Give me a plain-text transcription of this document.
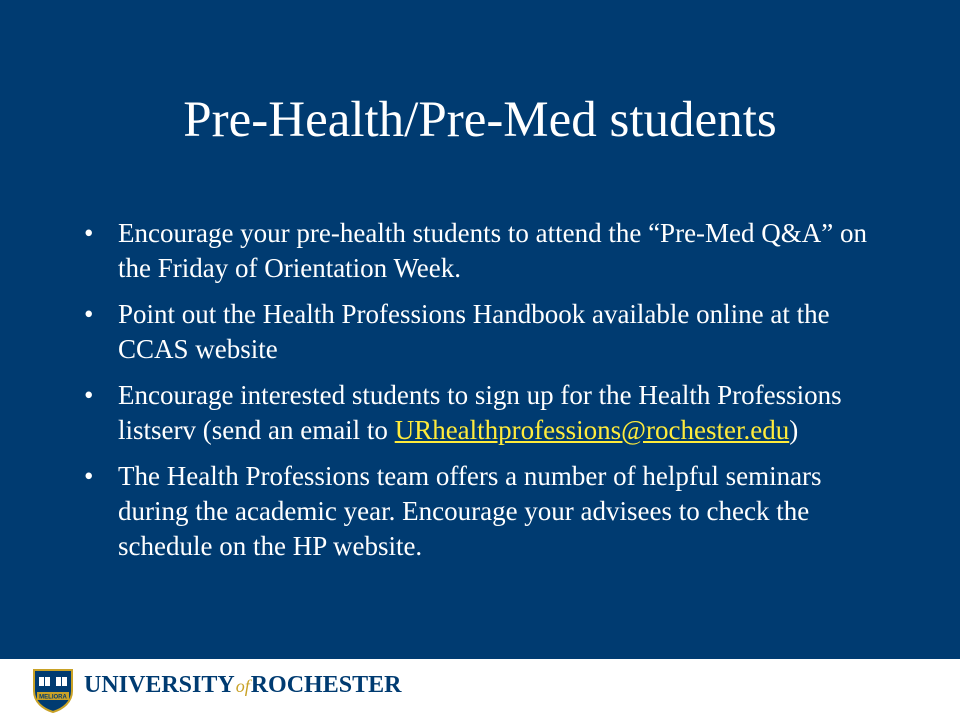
Pre-Health/Pre-Med students
• Encourage your pre-health students to attend the “Pre-Med Q&A” on the Friday of Orientation Week.
• Point out the Health Professions Handbook available online at the CCAS website
• Encourage interested students to sign up for the Health Professions listserv (send an email to URhealthprofessions@rochester.edu)
• The Health Professions team offers a number of helpful seminars during the academic year. Encourage your advisees to check the schedule on the HP website.
MELIORA UNIVERSITYofROCHESTER
